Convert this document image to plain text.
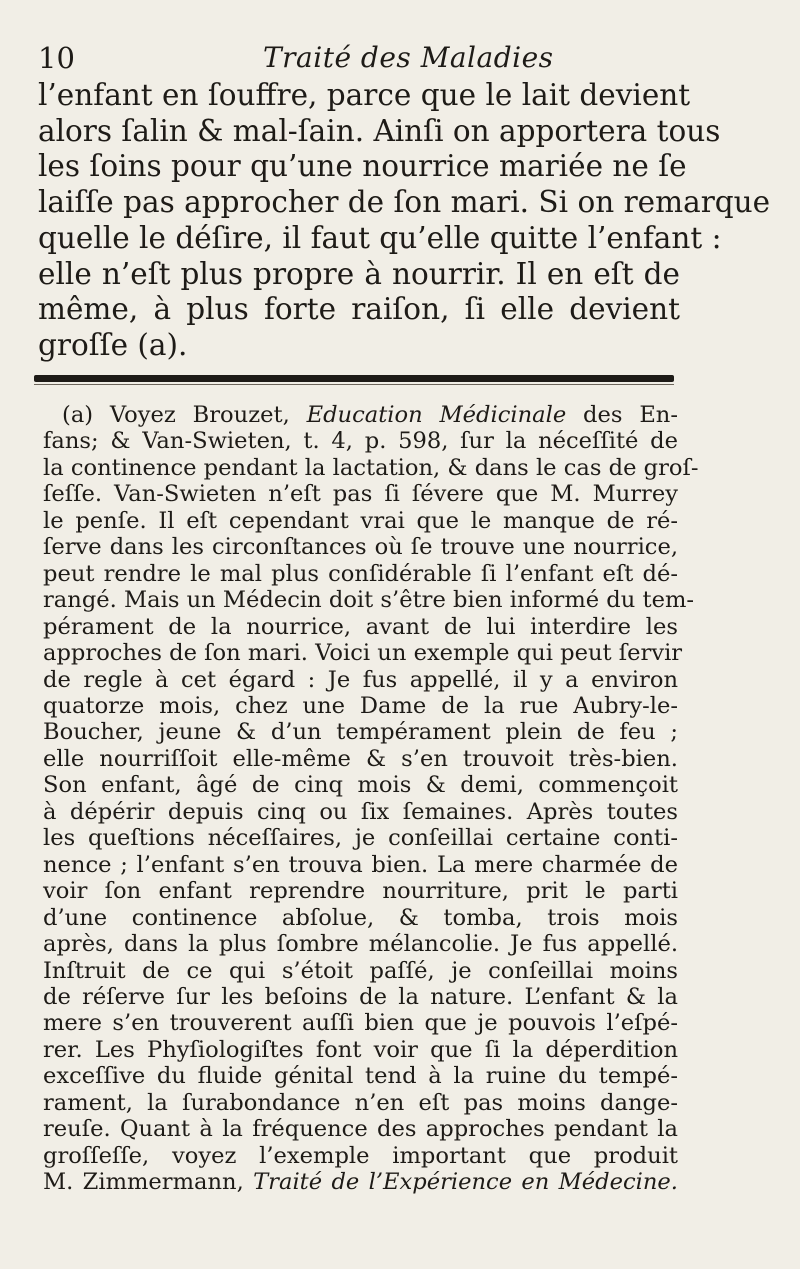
10	Traité des Maladies
l’enfant en ſouffre, parce que le lait devient
alors ſalin & mal-ſain. Ainſi on apportera tous
les ſoins pour qu’une nourrice mariée ne ſe
laiſſe pas approcher de ſon mari. Si on remarque
quelle le déſire, il faut qu’elle quitte l’enfant :
elle n’eſt plus propre à nourrir. Il en eſt de
même, à plus forte raiſon, ſi elle devient
groſſe (a).
(a) Voyez Brouzet, Education Médicinale des En-
fans; & Van-Swieten, t. 4, p. 598, ſur la néceſſité de
la continence pendant la lactation, & dans le cas de groſ-
ſeſſe. Van-Swieten n’eſt pas ſi ſévere que M. Murrey
le penſe. Il eſt cependant vrai que le manque de ré-
ſerve dans les circonſtances où ſe trouve une nourrice,
peut rendre le mal plus conſidérable ſi l’enfant eſt dé-
rangé. Mais un Médecin doit s’être bien informé du tem-
pérament de la nourrice, avant de lui interdire les
approches de ſon mari. Voici un exemple qui peut ſervir
de regle à cet égard : Je fus appellé, il y a environ
quatorze mois, chez une Dame de la rue Aubry-le-
Boucher, jeune & d’un tempérament plein de feu ;
elle nourriſſoit elle-même & s’en trouvoit très-bien.
Son enfant, âgé de cinq mois & demi, commençoit
à dépérir depuis cinq ou ſix ſemaines. Après toutes
les queſtions néceſſaires, je conſeillai certaine conti-
nence ; l’enfant s’en trouva bien. La mere charmée de
voir ſon enfant reprendre nourriture, prit le parti
d’une continence abſolue, & tomba, trois mois
après, dans la plus ſombre mélancolie. Je fus appellé.
Inſtruit de ce qui s’étoit paſſé, je conſeillai moins
de réſerve ſur les beſoins de la nature. L’enfant & la
mere s’en trouverent auſſi bien que je pouvois l’eſpé-
rer. Les Phyſiologiſtes font voir que ſi la déperdition
exceſſive du fluide génital tend à la ruine du tempé-
rament, la ſurabondance n’en eſt pas moins dange-
reuſe. Quant à la fréquence des approches pendant la
groſſeſſe, voyez l’exemple important que produit
M. Zimmermann, Traité de l’Expérience en Médecine.
